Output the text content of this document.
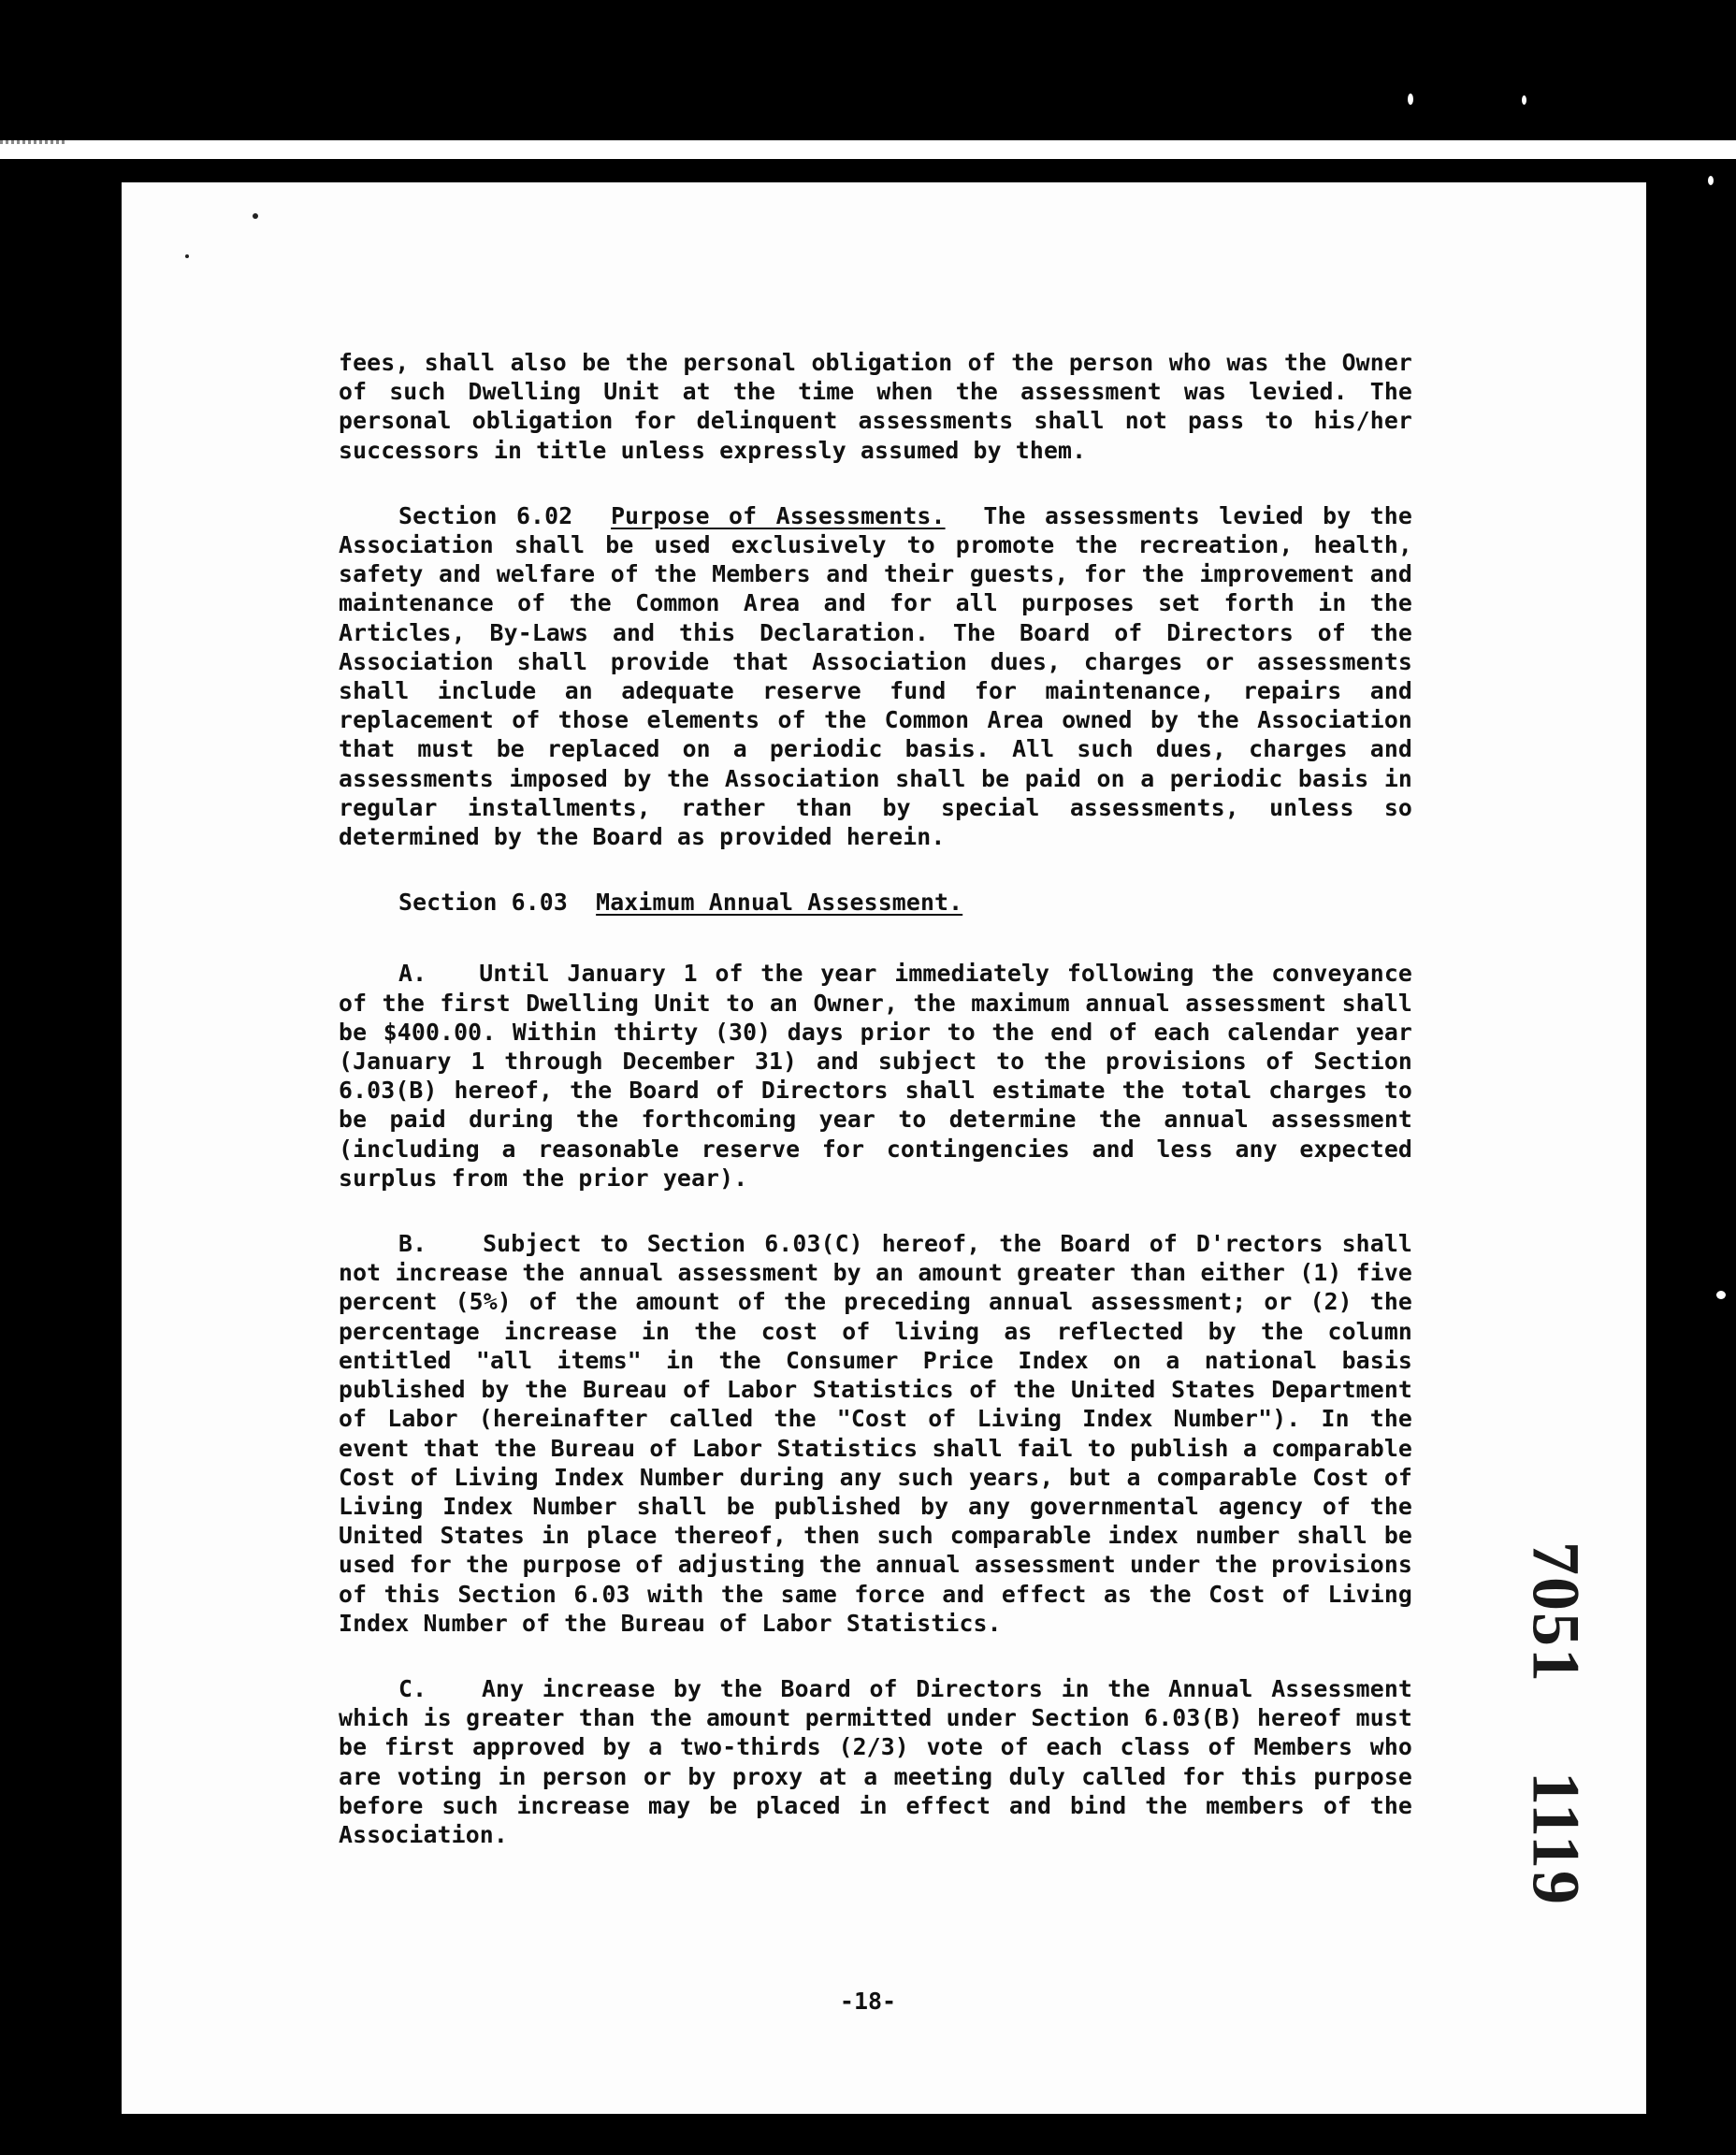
fees, shall also be the personal obligation of the person who was the Owner of such Dwelling Unit at the time when the assessment was levied. The personal obligation for delinquent assessments shall not pass to his/her successors in title unless expressly assumed by them.

Section 6.02 Purpose of Assessments. The assessments levied by the Association shall be used exclusively to promote the recreation, health, safety and welfare of the Members and their guests, for the improvement and maintenance of the Common Area and for all purposes set forth in the Articles, By-Laws and this Declaration. The Board of Directors of the Association shall provide that Association dues, charges or assessments shall include an adequate reserve fund for maintenance, repairs and replacement of those elements of the Common Area owned by the Association that must be replaced on a periodic basis. All such dues, charges and assessments imposed by the Association shall be paid on a periodic basis in regular installments, rather than by special assessments, unless so determined by the Board as provided herein.

Section 6.03 Maximum Annual Assessment.

A. Until January 1 of the year immediately following the conveyance of the first Dwelling Unit to an Owner, the maximum annual assessment shall be $400.00. Within thirty (30) days prior to the end of each calendar year (January 1 through December 31) and subject to the provisions of Section 6.03(B) hereof, the Board of Directors shall estimate the total charges to be paid during the forthcoming year to determine the annual assessment (including a reasonable reserve for contingencies and less any expected surplus from the prior year).

B. Subject to Section 6.03(C) hereof, the Board of D'rectors shall not increase the annual assessment by an amount greater than either (1) five percent (5%) of the amount of the preceding annual assessment; or (2) the percentage increase in the cost of living as reflected by the column entitled "all items" in the Consumer Price Index on a national basis published by the Bureau of Labor Statistics of the United States Department of Labor (hereinafter called the "Cost of Living Index Number"). In the event that the Bureau of Labor Statistics shall fail to publish a comparable Cost of Living Index Number during any such years, but a comparable Cost of Living Index Number shall be published by any governmental agency of the United States in place thereof, then such comparable index number shall be used for the purpose of adjusting the annual assessment under the provisions of this Section 6.03 with the same force and effect as the Cost of Living Index Number of the Bureau of Labor Statistics.

C. Any increase by the Board of Directors in the Annual Assessment which is greater than the amount permitted under Section 6.03(B) hereof must be first approved by a two-thirds (2/3) vote of each class of Members who are voting in person or by proxy at a meeting duly called for this purpose before such increase may be placed in effect and bind the members of the Association.	7051  1119
-18-
